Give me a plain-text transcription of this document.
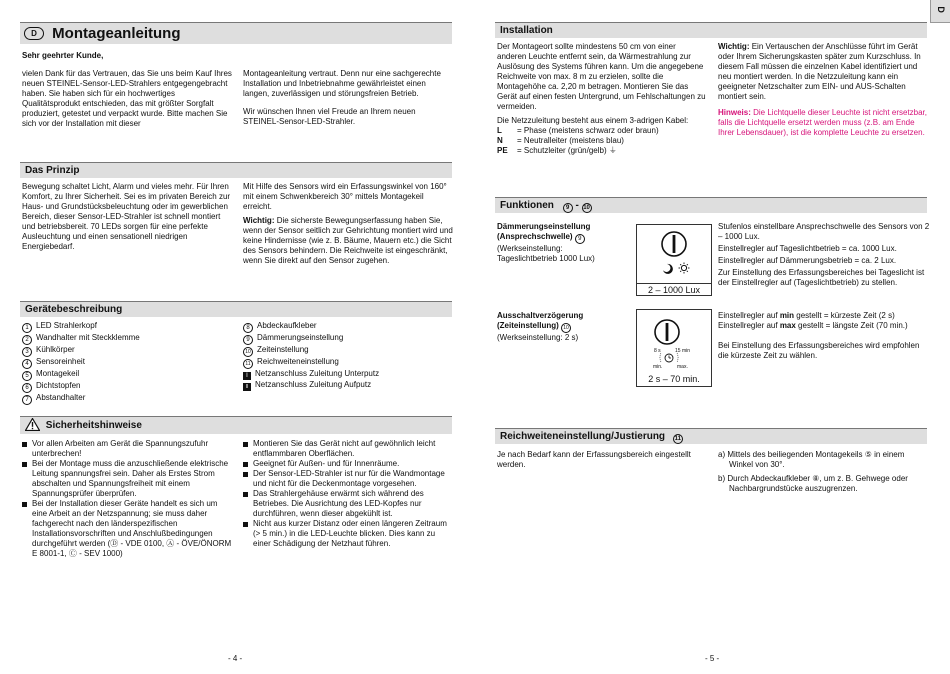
D Montageanleitung
Sehr geehrter Kunde,

vielen Dank für das Vertrauen, das Sie uns beim Kauf Ihres neuen STEINEL-Sensor-LED-Strahlers entgegengebracht haben. Sie haben sich für ein hochwertiges Qualitätsprodukt entschieden, das mit größter Sorgfalt produziert, getestet und verpackt wurde. Bitte machen Sie sich vor der Installation mit dieser

Montageanleitung vertraut. Denn nur eine sachgerechte Installation und Inbetriebnahme gewährleistet einen langen, zuverlässigen und störungsfreien Betrieb.

Wir wünschen Ihnen viel Freude an Ihrem neuen STEINEL-Sensor-LED-Strahler.

Das Prinzip

Bewegung schaltet Licht, Alarm und vieles mehr. Für Ihren Komfort, zu Ihrer Sicherheit. Sei es im privaten Bereich zur Haus- und Grundstücksbeleuchtung oder im gewerblichen Bereich, dieser Sensor-LED-Strahler ist schnell montiert und betriebsbereit. 70 LEDs sorgen für eine perfekte Ausleuchtung und einen sensationell niedrigen Energiebedarf.

Mit Hilfe des Sensors wird ein Erfassungswinkel von 160° mit einem Schwenkbereich 30° mittels Montagekeil erreicht.

Wichtig: Die sicherste Bewegungserfassung haben Sie, wenn der Sensor seitlich zur Gehrichtung montiert wird und keine Hindernisse (wie z. B. Bäume, Mauern etc.) die Sicht des Sensors behindern. Die Reichweite ist eingeschränkt, wenn Sie direkt auf den Sensor zugehen.

Gerätebeschreibung
1 LED Strahlerkopf
2 Wandhalter mit Steckklemme
3 Kühlkörper
4 Sensoreinheit
5 Montagekeil
6 Dichtstopfen
7 Abstandhalter
8 Abdeckaufkleber
9 Dämmerungseinstellung
10 Zeiteinstellung
11 Reichweiteneinstellung
I Netzanschluss Zuleitung Unterputz
II Netzanschluss Zuleitung Aufputz
Sicherheitshinweise
Vor allen Arbeiten am Gerät die Spannungszufuhr unterbrechen!
Bei der Montage muss die anzuschließende elektrische Leitung spannungsfrei sein. Daher als Erstes Strom abschalten und Spannungsfreiheit mit einem Spannungsprüfer überprüfen.
Bei der Installation dieser Geräte handelt es sich um eine Arbeit an der Netzspannung; sie muss daher fachgerecht nach den länderspezifischen Installationsvorschriften und Anschlußbedingungen durchgeführt werden (Ⓓ - VDE 0100, Ⓐ - ÖVE/ÖNORM E 8001-1, Ⓒ - SEV 1000)
Montieren Sie das Gerät nicht auf gewöhnlich leicht entflammbaren Oberflächen.
Geeignet für Außen- und für Innenräume.
Der Sensor-LED-Strahler ist nur für die Wandmontage und nicht für die Deckenmontage vorgesehen.
Das Strahlergehäuse erwärmt sich während des Betriebes. Die Ausrichtung des LED-Kopfes nur durchführen, wenn dieser abgekühlt ist.
Nicht aus kurzer Distanz oder einen längeren Zeitraum (> 5 min.) in die LED-Leuchte blicken. Dies kann zu einer Schädigung der Netzhaut führen.
- 4 -
D
Installation

Der Montageort sollte mindestens 50 cm von einer anderen Leuchte entfernt sein, da Wärmestrahlung zur Auslösung des Systems führen kann. Um die angegebene Reichweite von max. 8 m zu erzielen, sollte die Montagehöhe ca. 2,20 m betragen. Montieren Sie das Gerät auf einen festen Untergrund, um Fehlschaltungen zu vermeiden.

Die Netzzuleitung besteht aus einem 3-adrigen Kabel:

L	= Phase (meistens schwarz oder braun)
N	= Neutralleiter (meistens blau)
PE	= Schutzleiter (grün/gelb) ⏚

Wichtig: Ein Vertauschen der Anschlüsse führt im Gerät oder Ihrem Sicherungskasten später zum Kurzschluss. In diesem Fall müssen die einzelnen Kabel identifiziert und neu montiert werden. In die Netzzuleitung kann ein geeigneter Netzschalter zum EIN- und AUS-Schalten montiert sein.

Hinweis: Die Lichtquelle dieser Leuchte ist nicht ersetzbar, falls die Lichtquelle ersetzt werden muss (z.B. am Ende Ihrer Lebensdauer), ist die komplette Leuchte zu ersetzen.

Funktionen 9 - 10
Dämmerungseinstellung
(Ansprechschwelle) 9
(Werkseinstellung:
Tageslichtbetrieb 1000 Lux)
2 – 1000 Lux
Stufenlos einstellbare Ansprechschwelle des Sensors von 2 – 1000 Lux.
Einstellregler auf Tageslichtbetrieb = ca. 1000 Lux.
Einstellregler auf Dämmerungsbetrieb = ca. 2 Lux.
Zur Einstellung des Erfassungsbereiches bei Tageslicht ist der Einstellregler auf (Tageslichtbetrieb) zu stellen.
Ausschaltverzögerung
(Zeiteinstellung) 10
(Werkseinstellung: 2 s)
8 s	15 min
min.	max.
2 s – 70 min.
Einstellregler auf min gestellt = kürzeste Zeit (2 s)
Einstellregler auf max gestellt = längste Zeit (70 min.)

Bei Einstellung des Erfassungsbereiches wird empfohlen die kürzeste Zeit zu wählen.

Reichweiteneinstellung/Justierung 11
Je nach Bedarf kann der Erfassungsbereich eingestellt werden.

a) Mittels des beiliegenden Montagekeils ⑤ in einem Winkel von 30°.

b) Durch Abdeckaufkleber ⑧, um z. B. Gehwege oder Nachbargrundstücke auszugrenzen.

- 5 -
